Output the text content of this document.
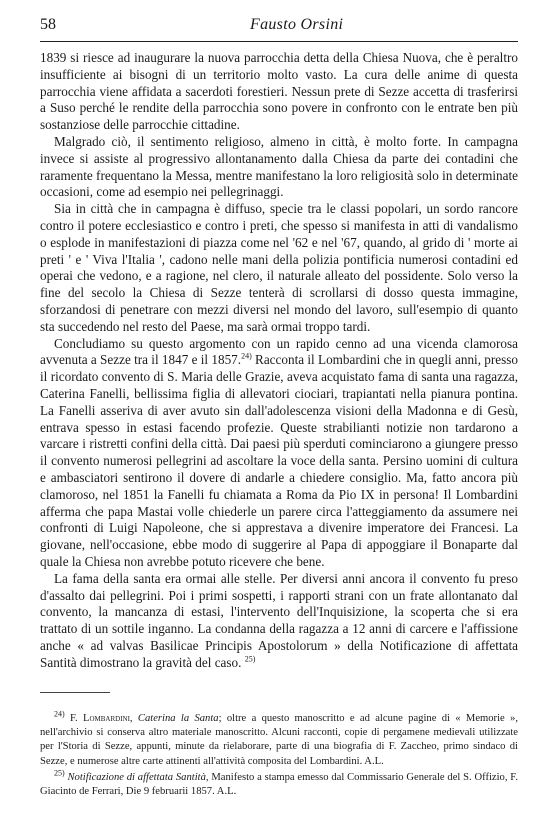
58	Fausto Orsini

1839 si riesce ad inaugurare la nuova parrocchia detta della Chiesa Nuova, che è peraltro insufficiente ai bisogni di un territorio molto vasto. La cura delle anime di questa parrocchia viene affidata a sacerdoti forestieri. Nessun prete di Sezze accetta di trasferirsi a Suso perché le rendite della parrocchia sono povere in confronto con le entrate ben più sostanziose delle parrocchie cittadine.

Malgrado ciò, il sentimento religioso, almeno in città, è molto forte. In campagna invece si assiste al progressivo allontanamento dalla Chiesa da parte dei contadini che raramente frequentano la Messa, mentre manifestano la loro religiosità solo in determinate occasioni, come ad esempio nei pellegrinaggi.

Sia in città che in campagna è diffuso, specie tra le classi popolari, un sordo rancore contro il potere ecclesiastico e contro i preti, che spesso si manifesta in atti di vandalismo o esplode in manifestazioni di piazza come nel '62 e nel '67, quando, al grido di ' morte ai preti ' e ' Viva l'Italia ', cadono nelle mani della polizia pontificia numerosi contadini ed operai che vedono, e a ragione, nel clero, il naturale alleato del possidente. Solo verso la fine del secolo la Chiesa di Sezze tenterà di scrollarsi di dosso questa immagine, sforzandosi di penetrare con mezzi diversi nel mondo del lavoro, sull'esempio di quanto sta succedendo nel resto del Paese, ma sarà ormai troppo tardi.

Concludiamo su questo argomento con un rapido cenno ad una vicenda clamorosa avvenuta a Sezze tra il 1847 e il 1857.$^{24)}$ Racconta il Lombardini che in quegli anni, presso il ricordato convento di S. Maria delle Grazie, aveva acquistato fama di santa una ragazza, Caterina Fanelli, bellissima figlia di allevatori ciociari, trapiantati nella pianura pontina. La Fanelli asseriva di aver avuto sin dall'adolescenza visioni della Madonna e di Gesù, entrava spesso in estasi facendo profezie. Queste strabilianti notizie non tardarono a varcare i ristretti confini della città. Dai paesi più sperduti cominciarono a giungere presso il convento numerosi pellegrini ad ascoltare la voce della santa. Persino uomini di cultura e ambasciatori sentirono il dovere di andarle a chiedere consiglio. Ma, fatto ancora più clamoroso, nel 1851 la Fanelli fu chiamata a Roma da Pio IX in persona! Il Lombardini afferma che papa Mastai volle chiederle un parere circa l'atteggiamento da assumere nei confronti di Luigi Napoleone, che si apprestava a divenire imperatore dei Francesi. La giovane, nell'occasione, ebbe modo di suggerire al Papa di appoggiare il Bonaparte dal quale la Chiesa non avrebbe potuto ricevere che bene.

La fama della santa era ormai alle stelle. Per diversi anni ancora il convento fu preso d'assalto dai pellegrini. Poi i primi sospetti, i rapporti strani con un frate allontanato dal convento, la mancanza di estasi, l'intervento dell'Inquisizione, la scoperta che si era trattato di un sottile inganno. La condanna della ragazza a 12 anni di carcere e l'affissione anche « ad valvas Basilicae Principis Apostolorum » della Notificazione di affettata Santità dimostrano la gravità del caso. $^{25)}$

$^{24)}$ F. Lombardini, Caterina la Santa; oltre a questo manoscritto e ad alcune pagine di « Memorie », nell'archivio si conserva altro materiale manoscritto. Alcuni racconti, copie di pergamene medievali utilizzate per l'Storia di Sezze, appunti, minute da rielaborare, parte di una biografia di F. Zaccheo, primo sindaco di Sezze, e numerose altre carte attinenti all'attività composita del Lombardini. A.L.

$^{25)}$ Notificazione di affettata Santità, Manifesto a stampa emesso dal Commissario Generale del S. Offizio, F. Giacinto de Ferrari, Die 9 februarii 1857. A.L.
